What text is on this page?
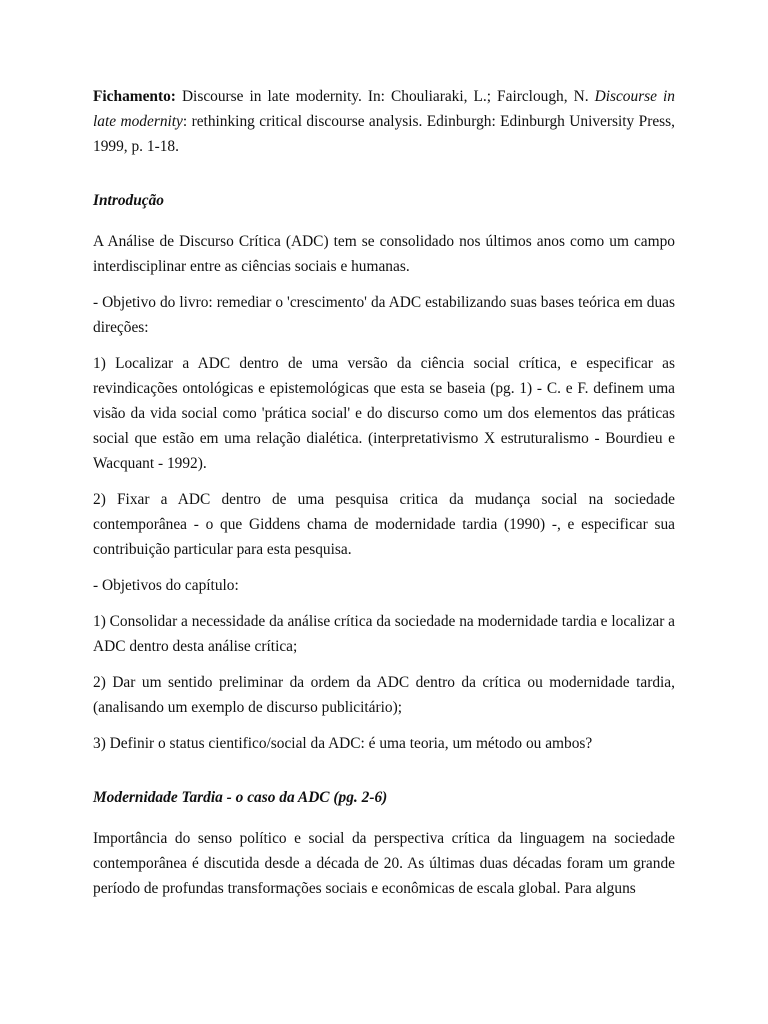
Fichamento: Discourse in late modernity. In: Chouliaraki, L.; Fairclough, N. Discourse in late modernity: rethinking critical discourse analysis. Edinburgh: Edinburgh University Press, 1999, p. 1-18.

Introdução

A Análise de Discurso Crítica (ADC) tem se consolidado nos últimos anos como um campo interdisciplinar entre as ciências sociais e humanas.

- Objetivo do livro: remediar o 'crescimento' da ADC estabilizando suas bases teórica em duas direções:

1) Localizar a ADC dentro de uma versão da ciência social crítica, e especificar as revindicações ontológicas e epistemológicas que esta se baseia (pg. 1) - C. e F. definem uma visão da vida social como 'prática social' e do discurso como um dos elementos das práticas social que estão em uma relação dialética. (interpretativismo X estruturalismo - Bourdieu e Wacquant - 1992).

2) Fixar a ADC dentro de uma pesquisa critica da mudança social na sociedade contemporânea - o que Giddens chama de modernidade tardia (1990) -, e especificar sua contribuição particular para esta pesquisa.

- Objetivos do capítulo:

1) Consolidar a necessidade da análise crítica da sociedade na modernidade tardia e localizar a ADC dentro desta análise crítica;

2) Dar um sentido preliminar da ordem da ADC dentro da crítica ou modernidade tardia, (analisando um exemplo de discurso publicitário);

3) Definir o status cientifico/social da ADC: é uma teoria, um método ou ambos?

Modernidade Tardia - o caso da ADC (pg. 2-6)

Importância do senso político e social da perspectiva crítica da linguagem na sociedade contemporânea é discutida desde a década de 20. As últimas duas décadas foram um grande período de profundas transformações sociais e econômicas de escala global. Para alguns
